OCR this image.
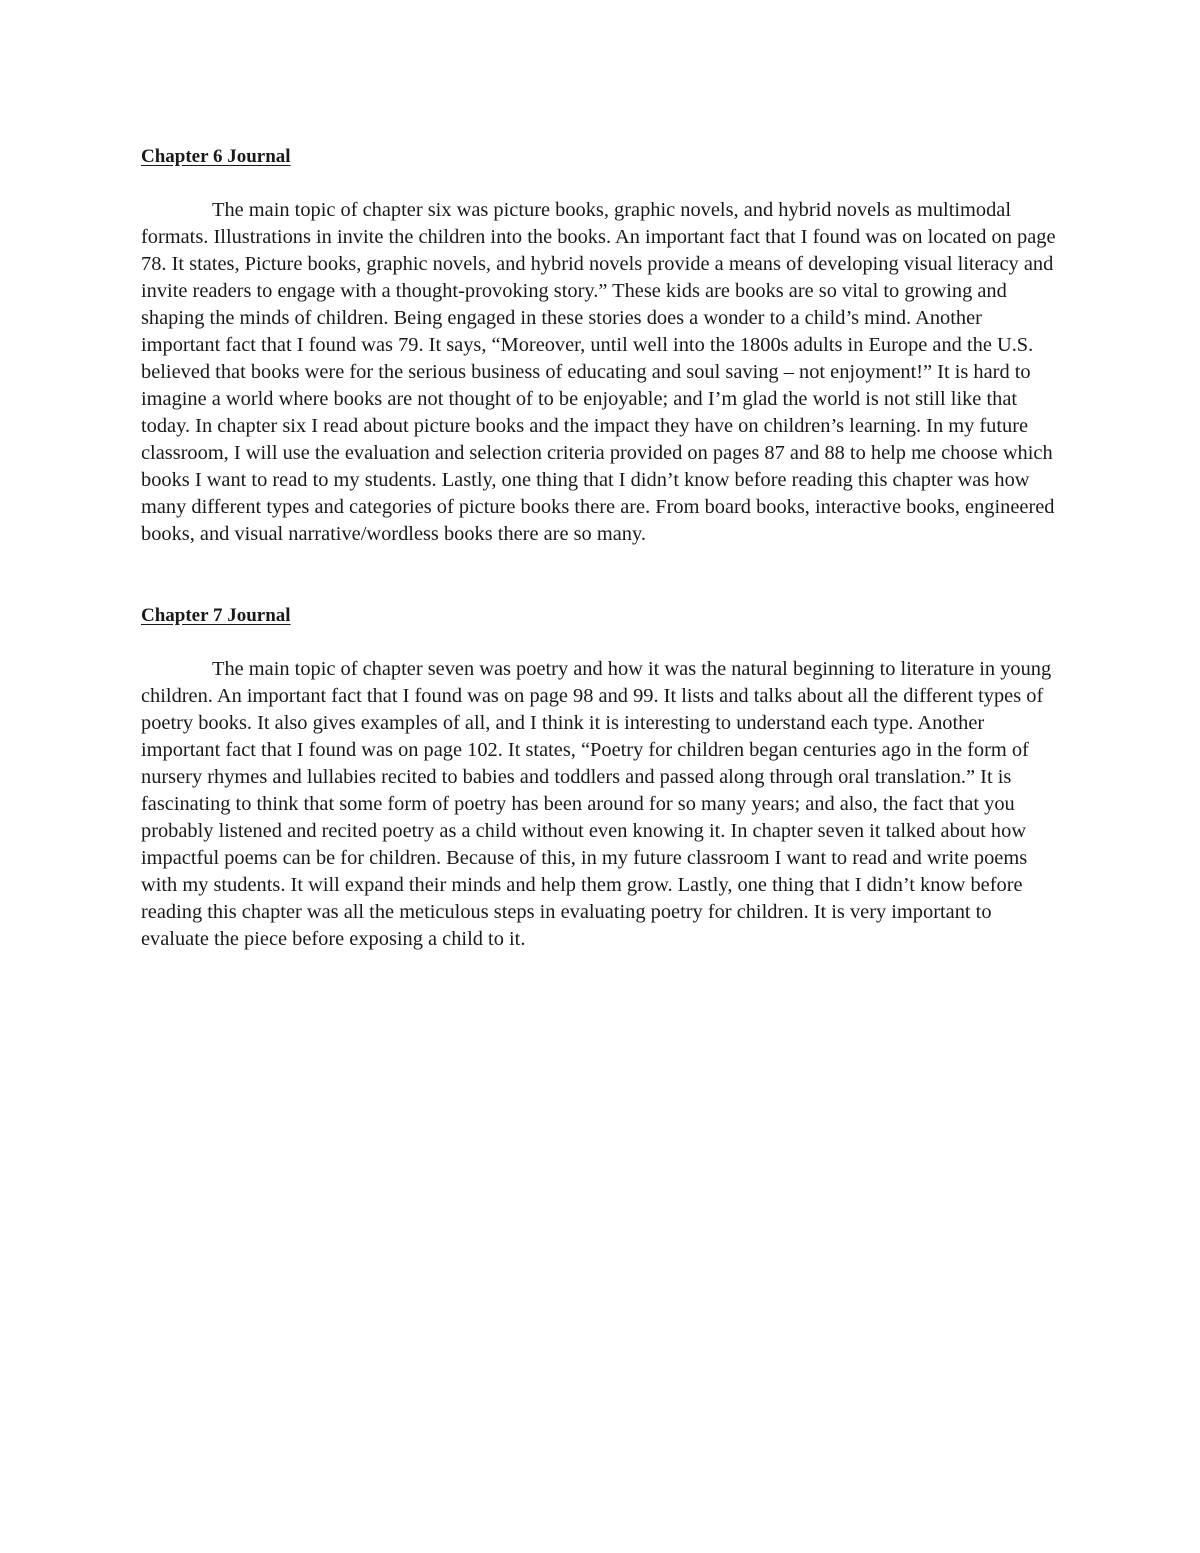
Chapter 6 Journal

The main topic of chapter six was picture books, graphic novels, and hybrid novels as multimodal formats. Illustrations in invite the children into the books. An important fact that I found was on located on page 78. It states, Picture books, graphic novels, and hybrid novels provide a means of developing visual literacy and invite readers to engage with a thought-provoking story.” These kids are books are so vital to growing and shaping the minds of children. Being engaged in these stories does a wonder to a child’s mind. Another important fact that I found was 79. It says, “Moreover, until well into the 1800s adults in Europe and the U.S. believed that books were for the serious business of educating and soul saving – not enjoyment!” It is hard to imagine a world where books are not thought of to be enjoyable; and I’m glad the world is not still like that today. In chapter six I read about picture books and the impact they have on children’s learning. In my future classroom, I will use the evaluation and selection criteria provided on pages 87 and 88 to help me choose which books I want to read to my students. Lastly, one thing that I didn’t know before reading this chapter was how many different types and categories of picture books there are. From board books, interactive books, engineered books, and visual narrative/wordless books there are so many.

Chapter 7 Journal

The main topic of chapter seven was poetry and how it was the natural beginning to literature in young children. An important fact that I found was on page 98 and 99. It lists and talks about all the different types of poetry books. It also gives examples of all, and I think it is interesting to understand each type. Another important fact that I found was on page 102. It states, “Poetry for children began centuries ago in the form of nursery rhymes and lullabies recited to babies and toddlers and passed along through oral translation.” It is fascinating to think that some form of poetry has been around for so many years; and also, the fact that you probably listened and recited poetry as a child without even knowing it. In chapter seven it talked about how impactful poems can be for children. Because of this, in my future classroom I want to read and write poems with my students. It will expand their minds and help them grow. Lastly, one thing that I didn’t know before reading this chapter was all the meticulous steps in evaluating poetry for children. It is very important to evaluate the piece before exposing a child to it.
